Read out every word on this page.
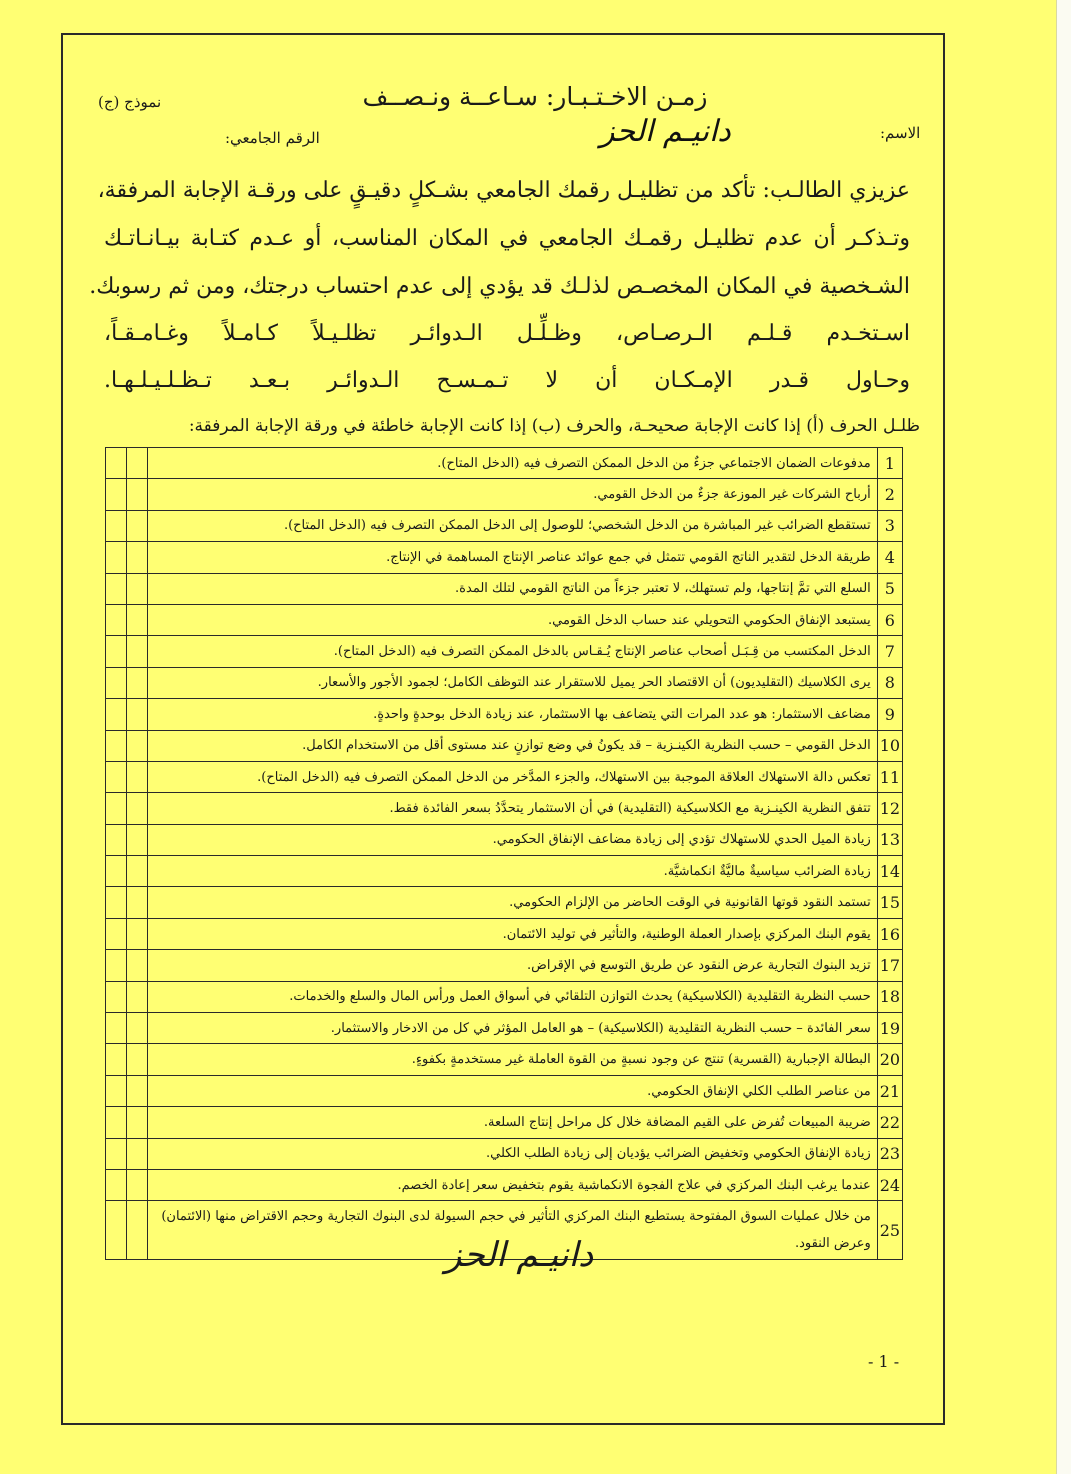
زمـن الاخـتـبـار: سـاعــة ونـصــف
نموذج (ج)
الاسم:
دانيـم الحز
الرقم الجامعي:
عزيزي الطالـب: تأكد من تظليـل رقمك الجامعي بشـكلٍ دقيـقٍ على ورقـة الإجابة المرفقة،
وتـذكـر أن عدم تظليـل رقمـك الجامعي في المكان المناسب، أو عـدم كتـابة بيـانـاتـك
الشـخصية في المكان المخصـص لذلـك قد يؤدي إلى عدم احتساب درجتك، ومن ثم رسوبك.
اسـتخـدم قـلـم الـرصـاص، وظـلِّـل الـدوائـر تظلـيـلاً كـامـلاً وغـامـقـاً،
وحـاول قـدر الإمـكـان أن لا تـمـسـح الـدوائـر بـعـد تـظـلـيـلـهـا.
ظلـل الحرف (أ) إذا كانت الإجابة صحيحـة، والحرف (ب) إذا كانت الإجابة خاطئة في ورقة الإجابة المرفقة:
1	مدفوعات الضمان الاجتماعي جزءٌ من الدخل الممكن التصرف فيه (الدخل المتاح).		
2	أرباح الشركات غير الموزعة جزءٌ من الدخل القومي.		
3	تستقطع الضرائب غير المباشرة من الدخل الشخصي؛ للوصول إلى الدخل الممكن التصرف فيه (الدخل المتاح).		
4	طريقة الدخل لتقدير الناتج القومي تتمثل في جمع عوائد عناصر الإنتاج المساهمة في الإنتاج.		
5	السلع التي تمَّ إنتاجها، ولم تستهلك، لا تعتبر جزءاً من الناتج القومي لتلك المدة.		
6	يستبعد الإنفاق الحكومي التحويلي عند حساب الدخل القومي.		
7	الدخل المكتسب من قِـبَـل أصحاب عناصر الإنتاج يُـقـاس بالدخل الممكن التصرف فيه (الدخل المتاح).		
8	يرى الكلاسيك (التقليديون) أن الاقتصاد الحر يميل للاستقرار عند التوظف الكامل؛ لجمود الأجور والأسعار.		
9	مضاعف الاستثمار: هو عدد المرات التي يتضاعف بها الاستثمار، عند زيادة الدخل بوحدةٍ واحدةٍ.		
10	الدخل القومي – حسب النظرية الكينـزية – قد يكونُ في وضع توازنٍ عند مستوى أقل من الاستخدام الكامل.		
11	تعكس دالة الاستهلاك العلاقة الموجبة بين الاستهلاك، والجزء المدَّخر من الدخل الممكن التصرف فيه (الدخل المتاح).		
12	تتفق النظرية الكينـزية مع الكلاسيكية (التقليدية) في أن الاستثمار يتحدَّدُ بسعر الفائدة فقط.		
13	زيادة الميل الحدي للاستهلاك تؤدي إلى زيادة مضاعف الإنفاق الحكومي.		
14	زيادة الضرائب سياسيةٌ ماليَّةٌ انكماشيَّة.		
15	تستمد النقود قوتها القانونية في الوقت الحاضر من الإلزام الحكومي.		
16	يقوم البنك المركزي بإصدار العملة الوطنية، والتأثير في توليد الائتمان.		
17	تزيد البنوك التجارية عرض النقود عن طريق التوسع في الإقراض.		
18	حسب النظرية التقليدية (الكلاسيكية) يحدث التوازن التلقائي في أسواق العمل ورأس المال والسلع والخدمات.		
19	سعر الفائدة – حسب النظرية التقليدية (الكلاسيكية) – هو العامل المؤثر في كل من الادخار والاستثمار.		
20	البطالة الإجبارية (القسرية) تنتج عن وجود نسبةٍ من القوة العاملة غير مستخدمةٍ بكفوءٍ.		
21	من عناصر الطلب الكلي الإنفاق الحكومي.		
22	ضريبة المبيعات تُفرض على القيم المضافة خلال كل مراحل إنتاج السلعة.		
23	زيادة الإنفاق الحكومي وتخفيض الضرائب يؤديان إلى زيادة الطلب الكلي.		
24	عندما يرغب البنك المركزي في علاج الفجوة الانكماشية يقوم بتخفيض سعر إعادة الخصم.		
25	من خلال عمليات السوق المفتوحة يستطيع البنك المركزي التأثير في حجم السيولة لدى البنوك التجارية وحجم الاقتراض منها (الائتمان) وعرض النقود.		
دانيـم الحز
- 1 -
